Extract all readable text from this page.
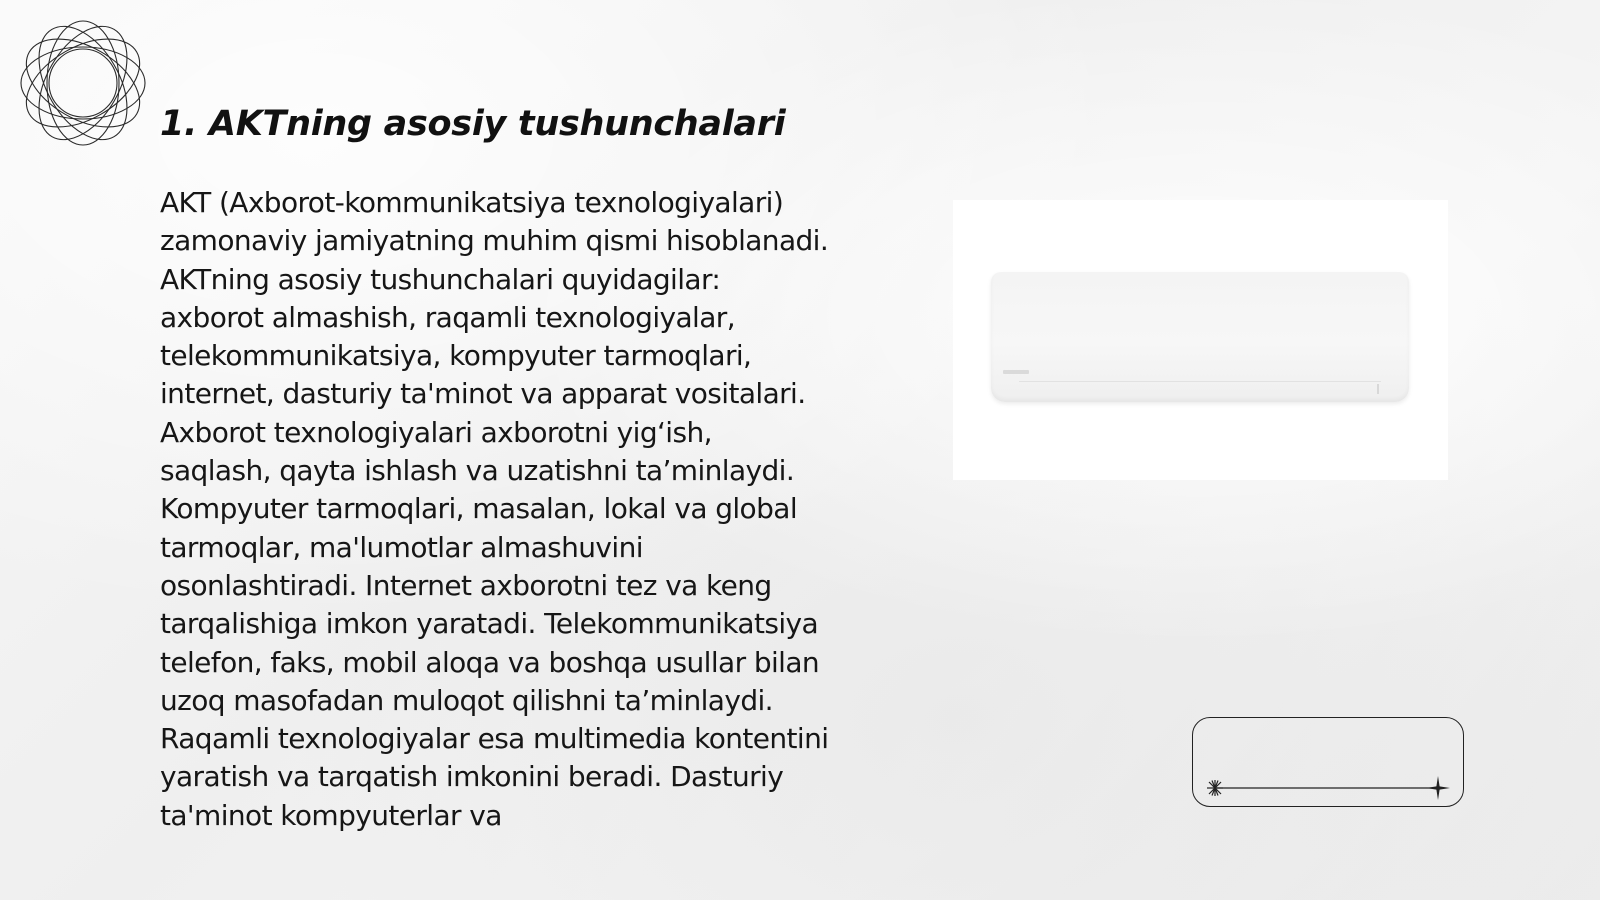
1. AKTning asosiy tushunchalari

AKT (Axborot-kommunikatsiya texnologiyalari) zamonaviy jamiyatning muhim qismi hisoblanadi. AKTning asosiy tushunchalari quyidagilar: axborot almashish, raqamli texnologiyalar, telekommunikatsiya, kompyuter tarmoqlari, internet, dasturiy ta'minot va apparat vositalari. Axborot texnologiyalari axborotni yig‘ish, saqlash, qayta ishlash va uzatishni ta’minlaydi. Kompyuter tarmoqlari, masalan, lokal va global tarmoqlar, ma'lumotlar almashuvini osonlashtiradi. Internet axborotni tez va keng tarqalishiga imkon yaratadi. Telekommunikatsiya telefon, faks, mobil aloqa va boshqa usullar bilan uzoq masofadan muloqot qilishni ta’minlaydi. Raqamli texnologiyalar esa multimedia kontentini yaratish va tarqatish imkonini beradi. Dasturiy ta'minot kompyuterlar va
